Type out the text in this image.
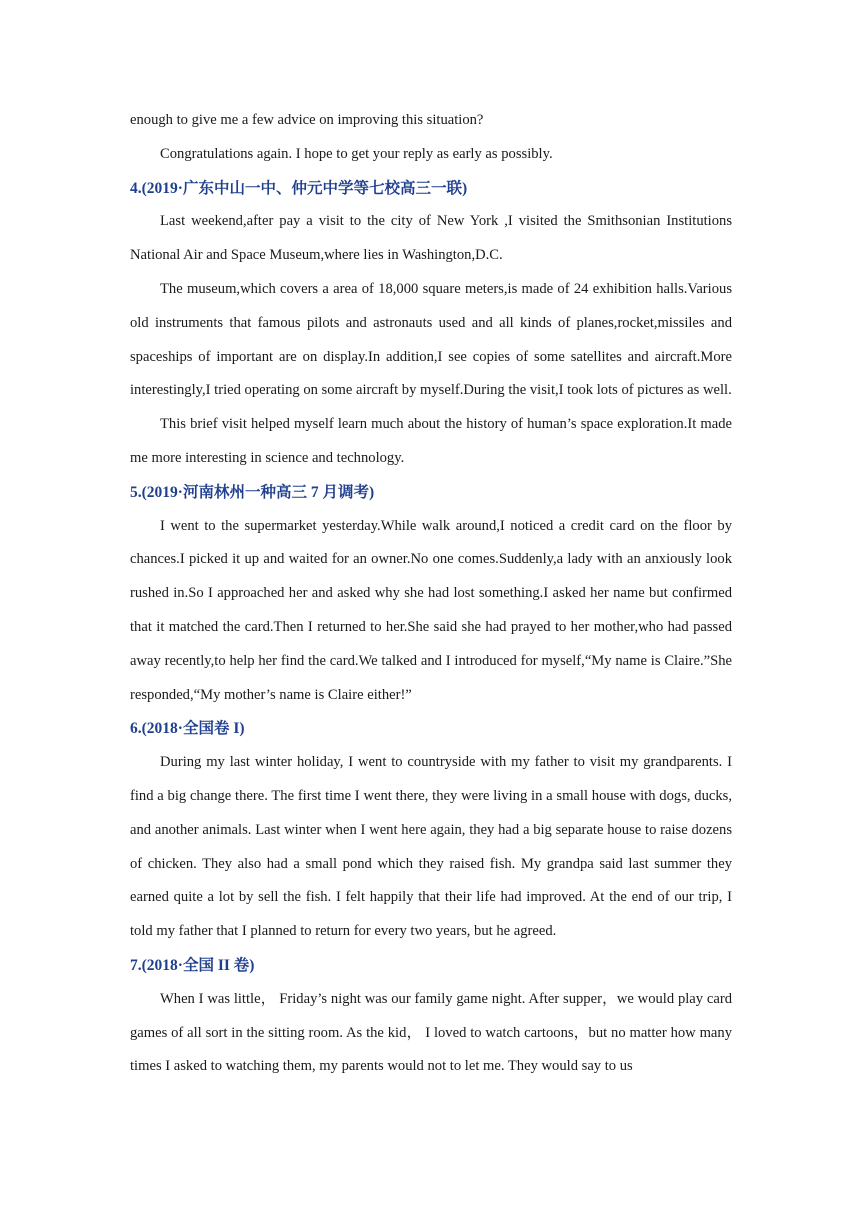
enough to give me a few advice on improving this situation?

Congratulations again. I hope to get your reply as early as possibly.

4.(2019·广东中山一中、仲元中学等七校高三一联)

Last weekend,after pay a visit to the city of New York ,I visited the Smithsonian Institutions National Air and Space Museum,where lies in Washington,D.C.

The museum,which covers a area of 18,000 square meters,is made of 24 exhibition halls.Various old instruments that famous pilots and astronauts used and all kinds of planes,rocket,missiles and spaceships of important are on display.In addition,I see copies of some satellites and aircraft.More interestingly,I tried operating on some aircraft by myself.During the visit,I took lots of pictures as well.

This brief visit helped myself learn much about the history of human’s space exploration.It made me more interesting in science and technology.

5.(2019·河南林州一种高三 7 月调考)

I went to the supermarket yesterday.While walk around,I noticed a credit card on the floor by chances.I picked it up and waited for an owner.No one comes.Suddenly,a lady with an anxiously look rushed in.So I approached her and asked why she had lost something.I asked her name but confirmed that it matched the card.Then I returned to her.She said she had prayed to her mother,who had passed away recently,to help her find the card.We talked and I introduced for myself,“My name is Claire.”She responded,“My mother’s name is Claire either!”

6.(2018·全国卷 I)

During my last winter holiday, I went to countryside with my father to visit my grandparents. I find a big change there. The first time I went there, they were living in a small house with dogs, ducks, and another animals. Last winter when I went here again, they had a big separate house to raise dozens of chicken. They also had a small pond which they raised fish. My grandpa said last summer they earned quite a lot by sell the fish. I felt happily that their life had improved. At the end of our trip, I told my father that I planned to return for every two years, but he agreed.

7.(2018·全国 II 卷)

When I was little， Friday’s night was our family game night. After supper，we would play card games of all sort in the sitting room. As the kid， I loved to watch cartoons，but no matter how many times I asked to watching them, my parents would not to let me. They would say to us
